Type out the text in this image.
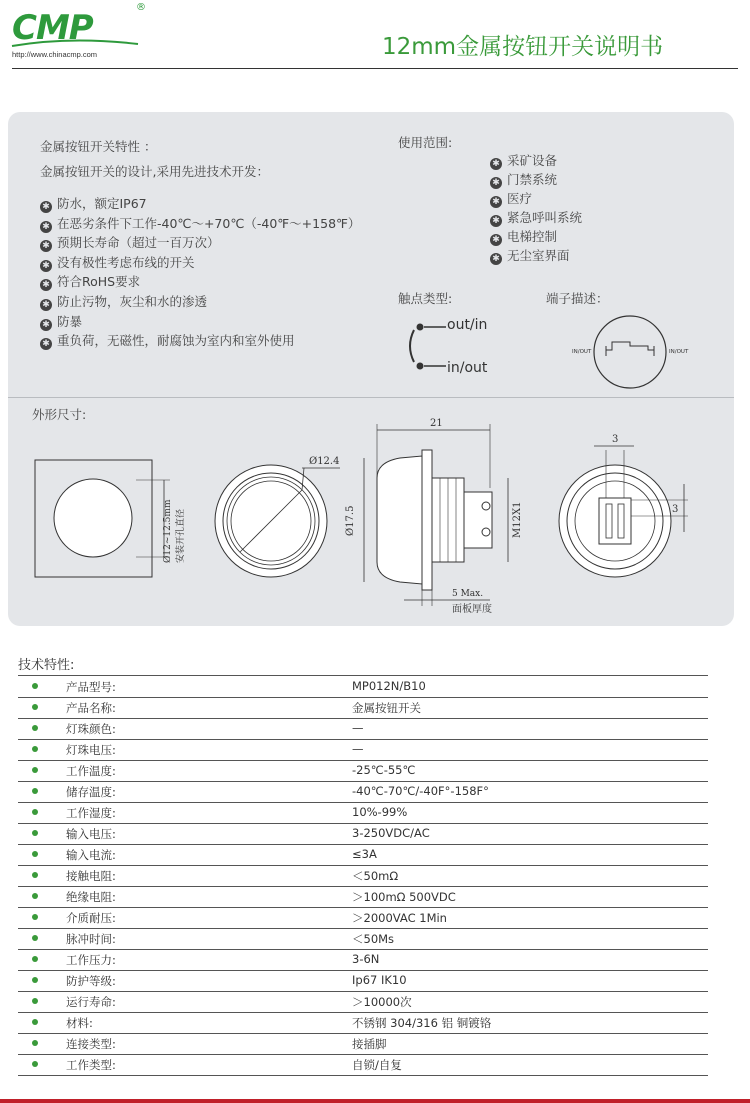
CMP
®
http://www.chinacmp.com	12mm金属按钮开关说明书
金属按钮开关特性 ：
金属按钮开关的设计,采用先进技术开发：
✱ 防水，额定IP67
✱ 在恶劣条件下工作-40℃～+70℃（-40℉～+158℉）
✱ 预期长寿命（超过一百万次）
✱ 没有极性考虑布线的开关
✱ 符合RoHS要求
✱ 防止污物，灰尘和水的渗透
✱ 防暴
✱ 重负荷，无磁性，耐腐蚀为室内和室外使用
使用范围:
✱ 采矿设备
✱ 门禁系统
✱ 医疗
✱ 紧急呼叫系统
✱ 电梯控制
✱ 无尘室界面
触点类型:
out/in
in/out
端子描述：
IN/OUT	IN/OUT
外形尺寸:
Ø12~12.5mm 安装开孔直径
Ø12.4
21
Ø17.5	M12X1
5 Max.
面板厚度
3
3
技术特性:
产品型号:	MP012N/B10
产品名称:	金属按钮开关
灯珠颜色:	—
灯珠电压:	—
工作温度:	-25℃-55℃
储存温度:	-40℃-70℃/-40F°-158F°
工作湿度:	10%-99%
输入电压:	3-250VDC/AC
输入电流:	≤3A
接触电阻:	＜50mΩ
绝缘电阻:	＞100mΩ 500VDC
介质耐压:	＞2000VAC 1Min
脉冲时间:	＜50Ms
工作压力:	3-6N
防护等级:	Ip67 IK10
运行寿命:	＞10000次
材料:	不锈钢 304/316 铝 铜镀铬
连接类型:	接插脚
工作类型:	自锁/自复
